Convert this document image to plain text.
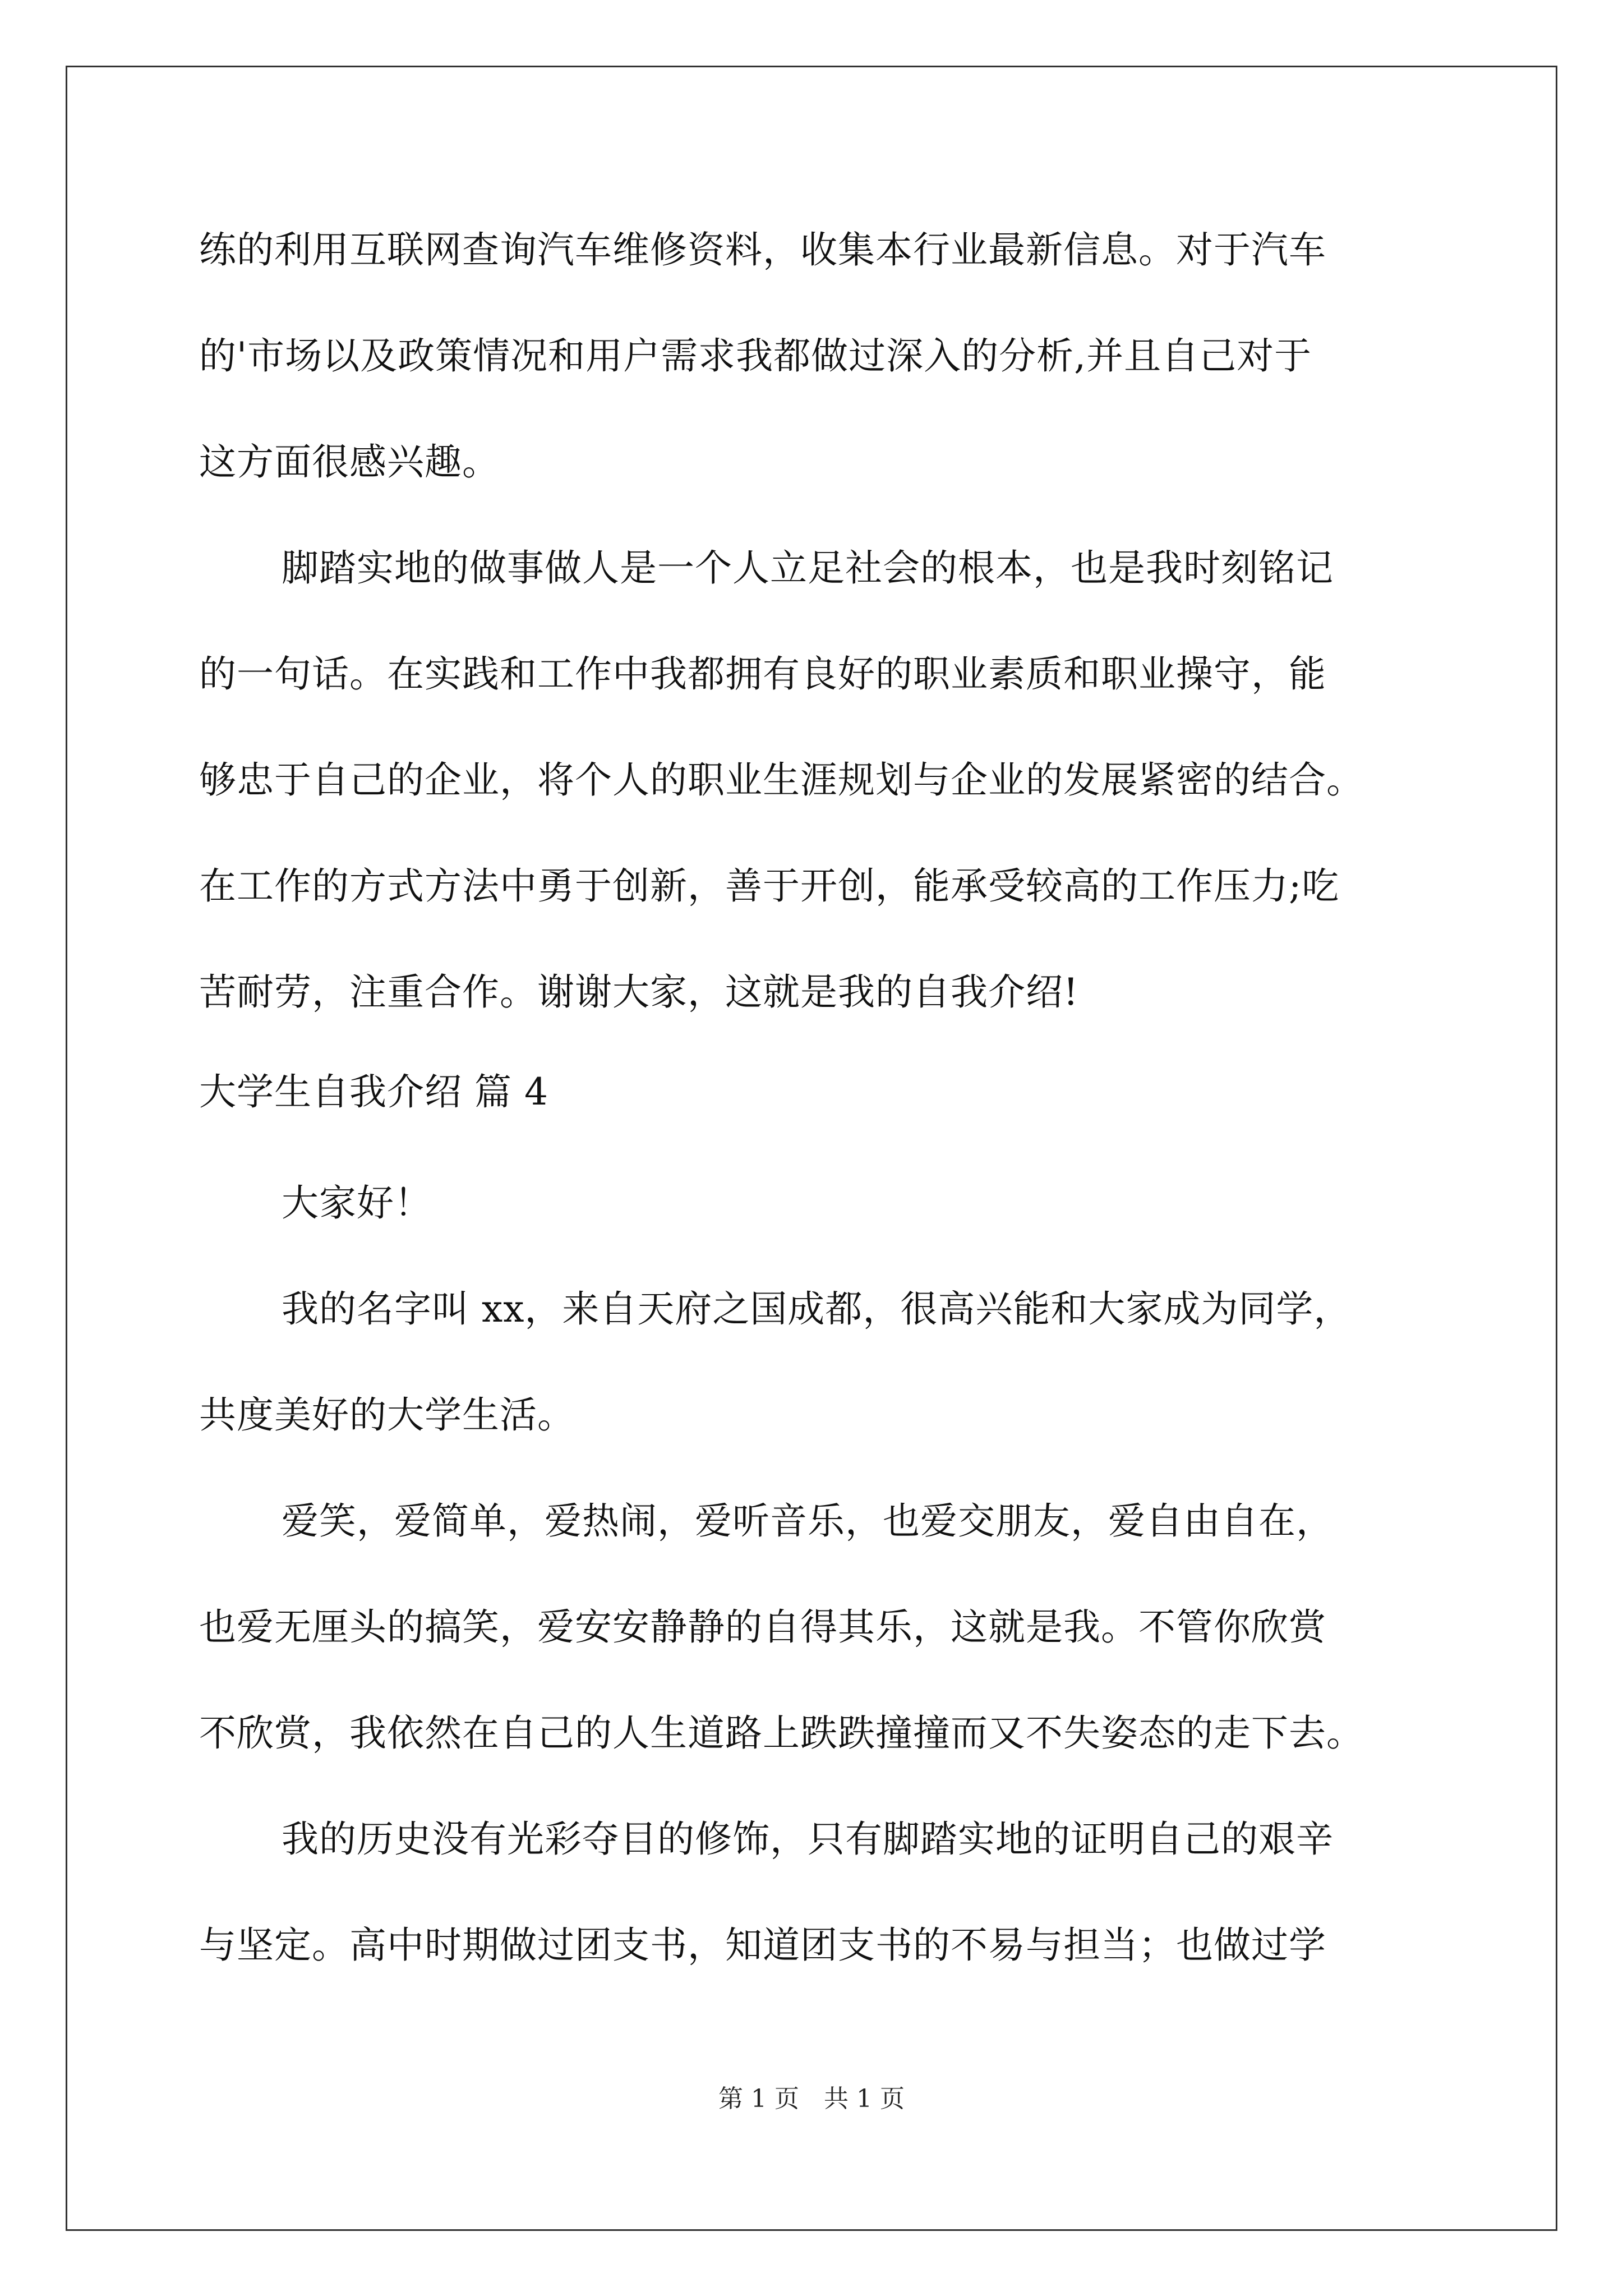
练的利用互联网查询汽车维修资料，收集本行业最新信息。对于汽车
的'市场以及政策情况和用户需求我都做过深入的分析,并且自己对于
这方面很感兴趣。
脚踏实地的做事做人是一个人立足社会的根本，也是我时刻铭记
的一句话。在实践和工作中我都拥有良好的职业素质和职业操守，能
够忠于自己的企业，将个人的职业生涯规划与企业的发展紧密的结合。
在工作的方式方法中勇于创新，善于开创，能承受较高的工作压力;吃
苦耐劳，注重合作。谢谢大家，这就是我的自我介绍!
大学生自我介绍 篇 4
大家好！
我的名字叫 xx，来自天府之国成都，很高兴能和大家成为同学，
共度美好的大学生活。
爱笑，爱简单，爱热闹，爱听音乐，也爱交朋友，爱自由自在，
也爱无厘头的搞笑，爱安安静静的自得其乐，这就是我。不管你欣赏
不欣赏，我依然在自己的人生道路上跌跌撞撞而又不失姿态的走下去。
我的历史没有光彩夺目的修饰，只有脚踏实地的证明自己的艰辛
与坚定。高中时期做过团支书，知道团支书的不易与担当；也做过学
第 1 页　共 1 页
